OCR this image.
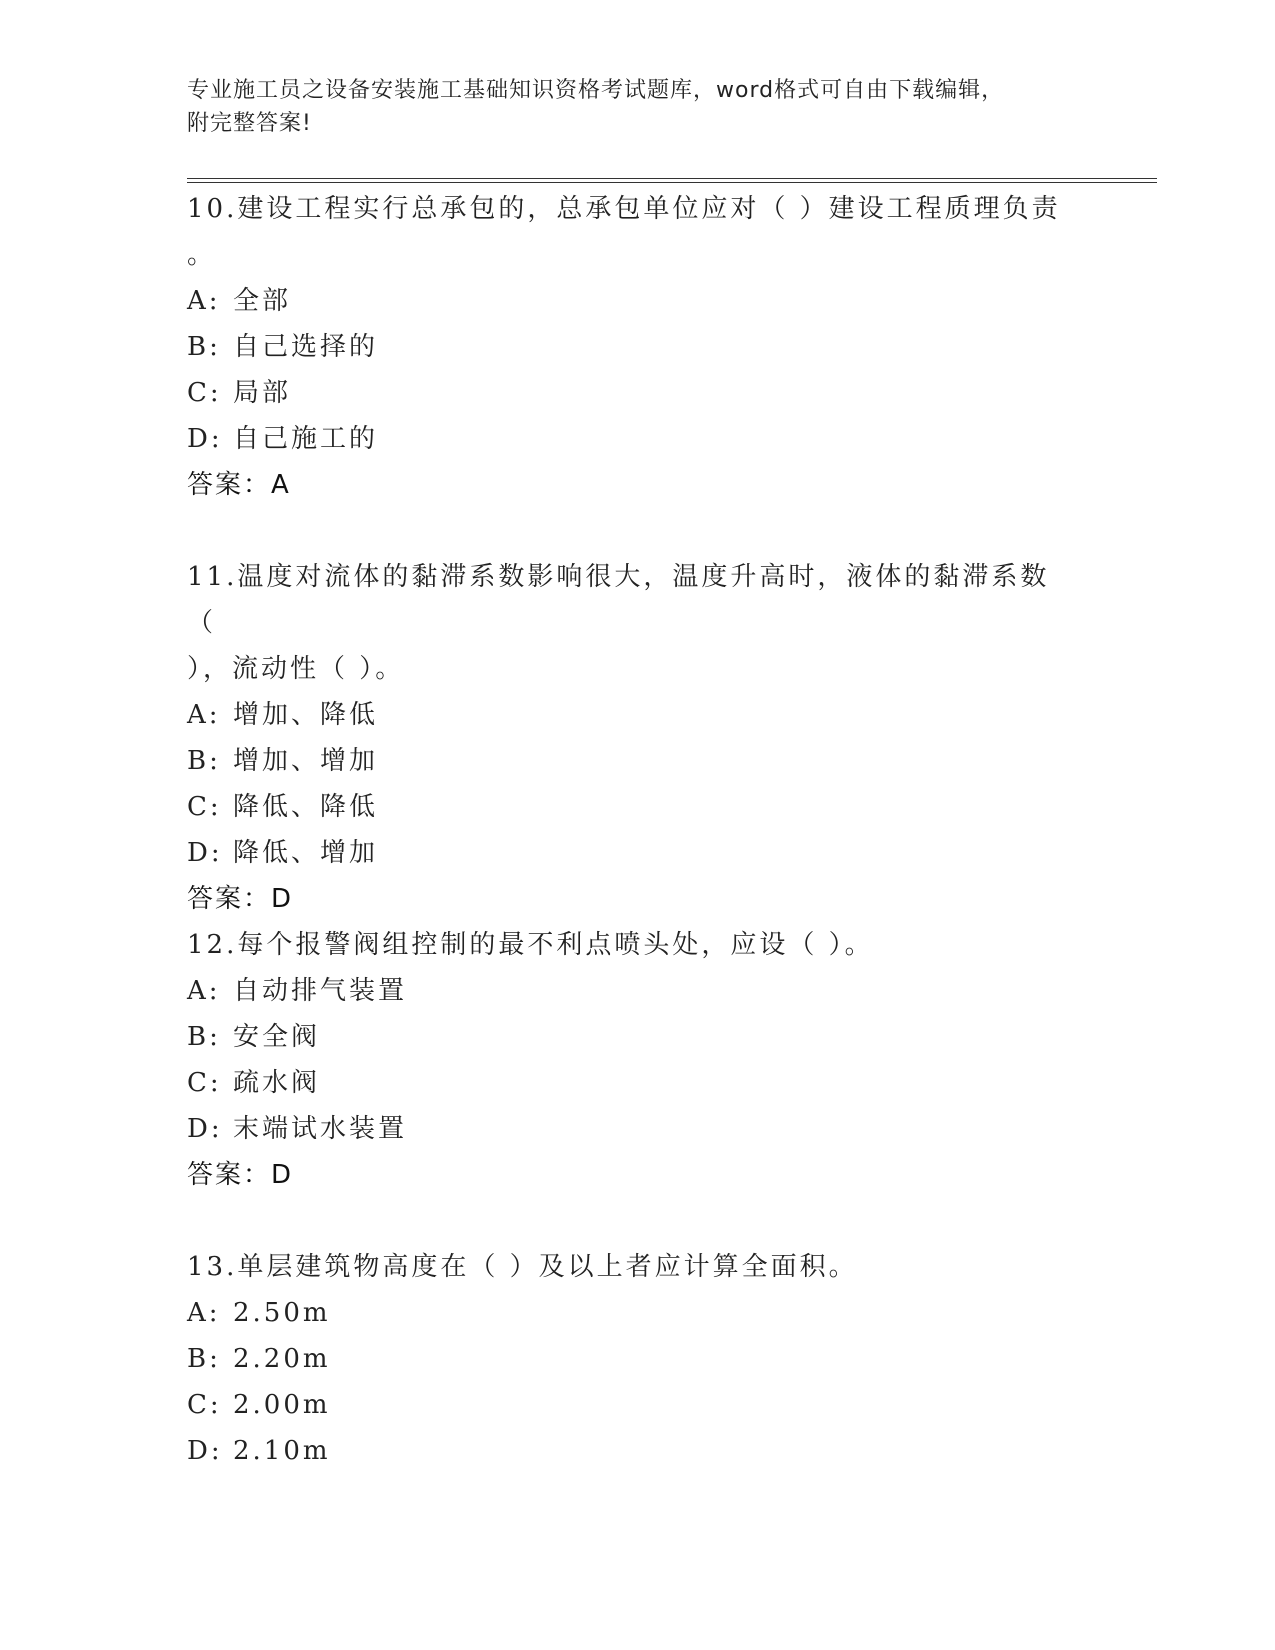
专业施工员之设备安装施工基础知识资格考试题库，word格式可自由下载编辑，
附完整答案!
10.建设工程实行总承包的，总承包单位应对（ ）建设工程质理负责
。
A: 全部
B: 自己选择的
C: 局部
D: 自己施工的
答案：A
11.温度对流体的黏滞系数影响很大，温度升高时，液体的黏滞系数（
），流动性（ ）。
A: 增加、降低
B: 增加、增加
C: 降低、降低
D: 降低、增加
答案：D
12.每个报警阀组控制的最不利点喷头处，应设（ ）。
A: 自动排气装置
B: 安全阀
C: 疏水阀
D: 末端试水装置
答案：D
13.单层建筑物高度在（ ）及以上者应计算全面积。
A: 2.50m
B: 2.20m
C: 2.00m
D: 2.10m
